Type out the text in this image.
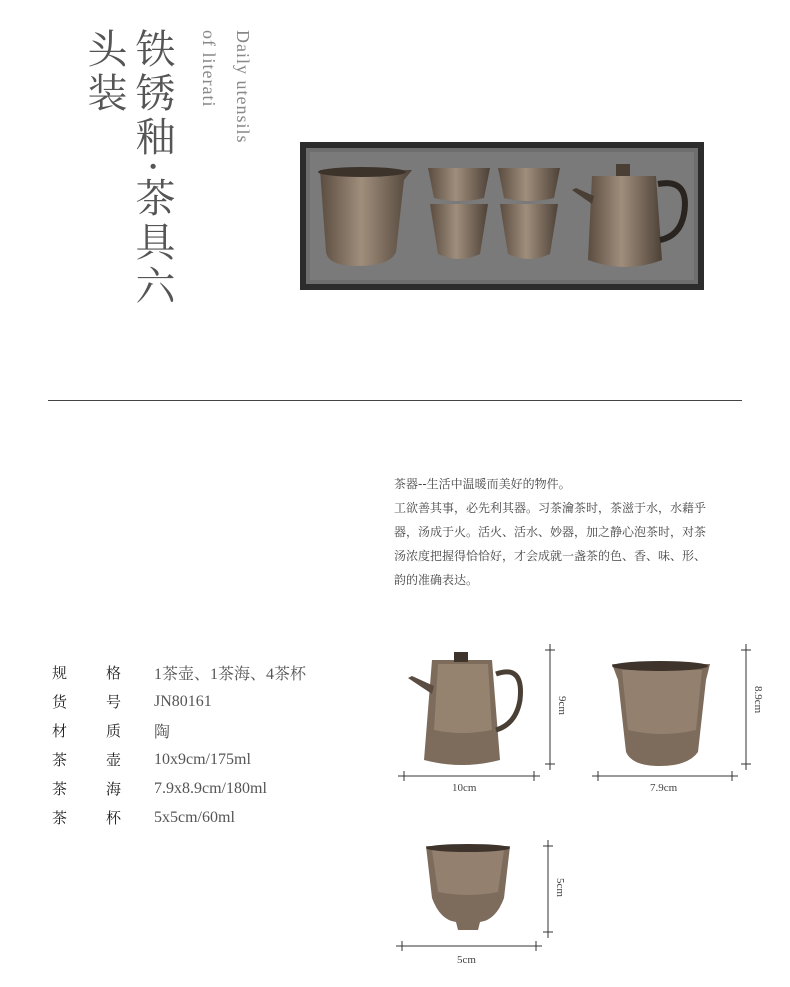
铁锈釉·茶具六
头装	Daily utensils
of literati

茶器--生活中温暖而美好的物件。

工欲善其事，必先利其器。习茶瀹茶时，茶滋于水，水藉乎

器，汤成于火。活火、活水、妙器，加之静心泡茶时，对茶

汤浓度把握得恰恰好，才会成就一盏茶的色、香、味、形、

韵的准确表达。

规	格	1茶壶、1茶海、4茶杯
货	号	JN80161
材	质	陶
茶	壶	10x9cm/175ml
茶	海	7.9x8.9cm/180ml
茶	杯	5x5cm/60ml
10cm
9cm
7.9cm
8.9cm
5cm
5cm
